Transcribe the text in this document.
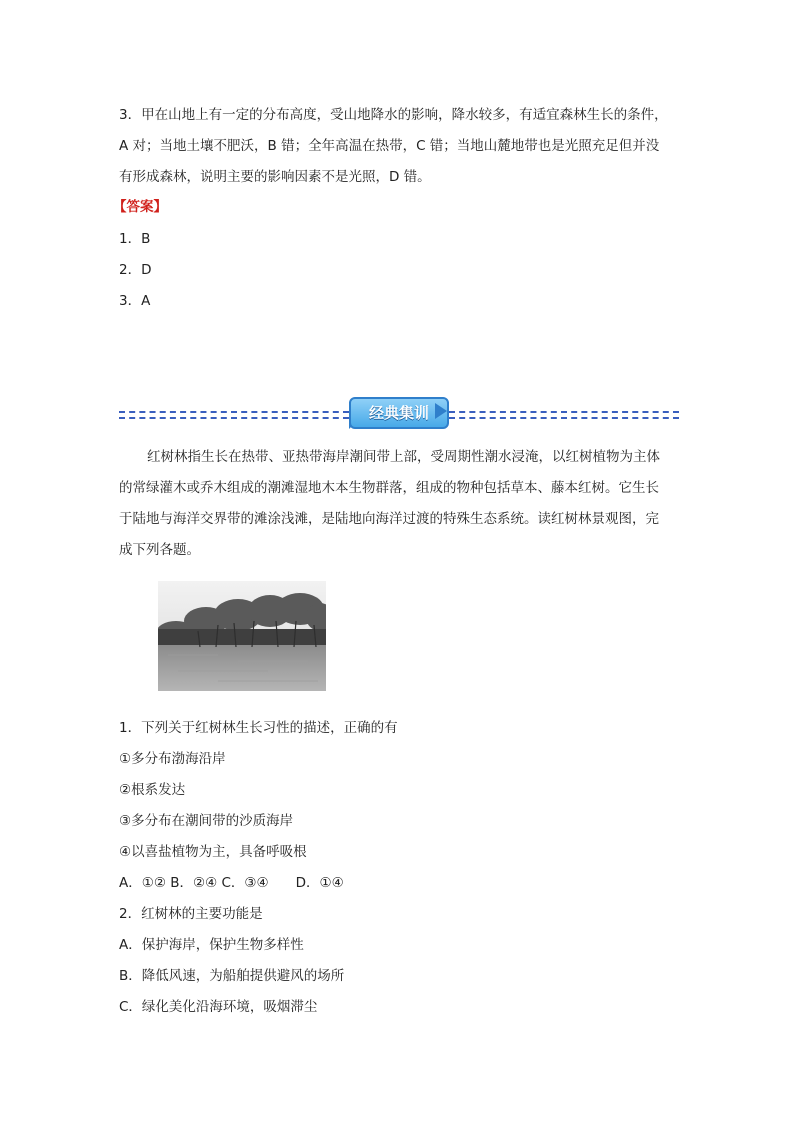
3．甲在山地上有一定的分布高度，受山地降水的影响，降水较多，有适宜森林生长的条件，
A 对；当地土壤不肥沃，B 错；全年高温在热带，C 错；当地山麓地带也是光照充足但并没
有形成森林，说明主要的影响因素不是光照，D 错。
【答案】
1．B
2．D
3．A
经典集训
红树林指生长在热带、亚热带海岸潮间带上部，受周期性潮水浸淹，以红树植物为主体
的常绿灌木或乔木组成的潮滩湿地木本生物群落，组成的物种包括草本、藤本红树。它生长
于陆地与海洋交界带的滩涂浅滩，是陆地向海洋过渡的特殊生态系统。读红树林景观图，完
成下列各题。
1．下列关于红树林生长习性的描述，正确的有
①多分布渤海沿岸
②根系发达
③多分布在潮间带的沙质海岸
④以喜盐植物为主，具备呼吸根
A．①② B．②④ C．③④　　D．①④
2．红树林的主要功能是
A．保护海岸，保护生物多样性
B．降低风速，为船舶提供避风的场所
C．绿化美化沿海环境，吸烟滞尘
